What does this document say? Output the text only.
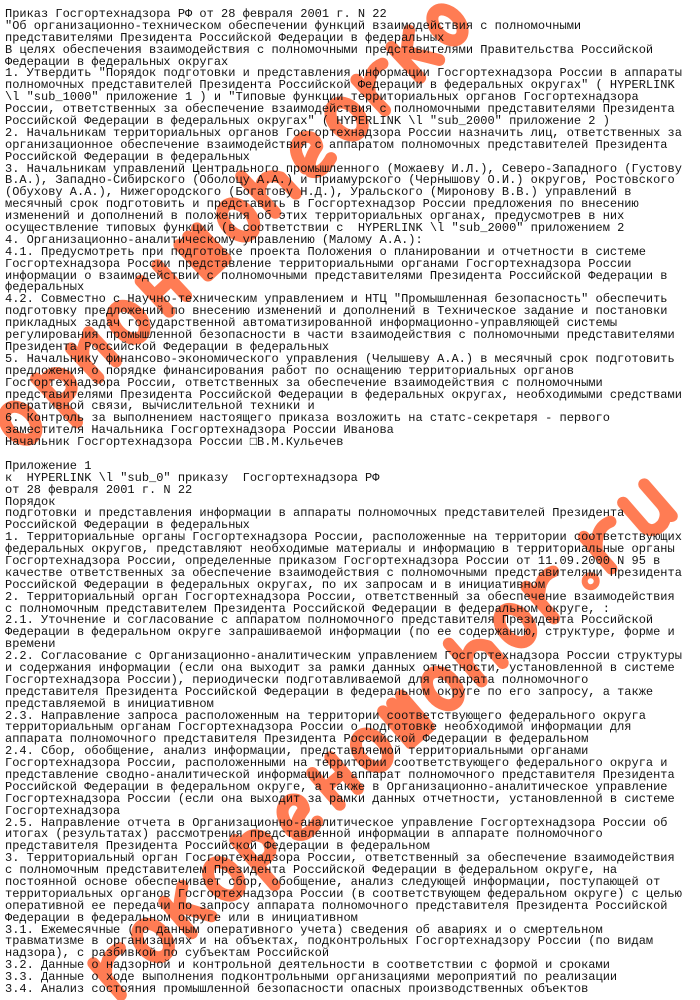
Приказ Госгортехнадзора РФ от 28 февраля 2001 г. N 22
"Об организационно-техническом обеспечении функций взаимодействия с полномочными
представителями Президента Российской Федерации в федеральных
В целях обеспечения взаимодействия с полномочными представителями Правительства Российской
Федерации в федеральных округах
1. Утвердить "Порядок подготовки и представления информации Госгортехнадзора России в аппараты
полномочных представителей Президента Российской Федерации в федеральных округах" ( HYPERLINK
\l "sub_1000" приложение 1 ) и "Типовые функции территориальных органов Госгортехнадзора
России, ответственных за обеспечение взаимодействия с полномочными представителями Президента
Российской Федерации в федеральных округах" ( HYPERLINK \l "sub_2000" приложение 2 )
2. Начальникам территориальных органов Госгортехнадзора России назначить лиц, ответственных за
организационное обеспечение взаимодействия с аппаратом полномочных представителей Президента
Российской Федерации в федеральных
3. Начальникам управлений Центрального промышленного (Можаеву И.Л.), Северо-Западного (Густову
В.А.), Западно-Сибирского (Оболоцу А.А.) и Приамурского (Чернышову О.И.) округов, Ростовского
(Обухову А.А.), Нижегородского (Богатову Н.Д.), Уральского (Миронову В.В.) управлений в
месячный срок подготовить и представить в Госгортехнадзор России предложения по внесению
изменений и дополнений в положения об этих территориальных органах, предусмотрев в них
осуществление типовых функций (в соответствии с  HYPERLINK \l "sub_2000" приложением 2
4. Организационно-аналитическому управлению (Малому А.А.):
4.1. Предусмотреть при подготовке проекта Положения о планировании и отчетности в системе
Госгортехнадзора России представление территориальными органами Госгортехнадзора России
информации о взаимодействии с полномочными представителями Президента Российской Федерации в
федеральных
4.2. Совместно с Научно-техническим управлением и НТЦ "Промышленная безопасность" обеспечить
подготовку предложений по внесению изменений и дополнений в Техническое задание и постановки
прикладных задач государственной автоматизированной информационно-управляющей системы
регулирования промышленной безопасности в части взаимодействия с полномочными представителями
Президента Российской Федерации в федеральных
5. Начальнику финансово-экономического управления (Челышеву А.А.) в месячный срок подготовить
предложения о порядке финансирования работ по оснащению территориальных органов
Госгортехнадзора России, ответственных за обеспечение взаимодействия с полномочными
представителями Президента Российской Федерации в федеральных округах, необходимыми средствами
оперативной связи, вычислительной техники и
6. Контроль за выполнением настоящего приказа возложить на статс-секретаря - первого
заместителя Начальника Госгортехнадзора России Иванова
Начальник Госгортехнадзора России □В.М.Кульечев
Приложение 1
к  HYPERLINK \l "sub_0" приказу  Госгортехнадзора РФ
от 28 февраля 2001 г. N 22
Порядок
подготовки и представления информации в аппараты полномочных представителей Президента
Российской Федерации в федеральных
1. Территориальные органы Госгортехнадзора России, расположенные на территории соответствующих
федеральных округов, представляют необходимые материалы и информацию в территориальные органы
Госгортехнадзора России, определенные приказом Госгортехнадзора России от 11.09.2000 N 95 в
качестве ответственных за обеспечение взаимодействия с полномочными представителями Президента
Российской Федерации в федеральных округах, по их запросам и в инициативном
2. Территориальный орган Госгортехнадзора России, ответственный за обеспечение взаимодействия
с полномочным представителем Президента Российской Федерации в федеральном округе, :
2.1. Уточнение и согласование с аппаратом полномочного представителя Президента Российской
Федерации в федеральном округе запрашиваемой информации (по ее содержанию, структуре, форме и
времени
2.2. Согласование с Организационно-аналитическим управлением Госгортехнадзора России структуры
и содержания информации (если она выходит за рамки данных отчетности, установленной в системе
Госгортехнадзора России), периодически подготавливаемой для аппарата полномочного
представителя Президента Российской Федерации в федеральном округе по его запросу, а также
представляемой в инициативном
2.3. Направление запроса расположенным на территории соответствующего федерального округа
территориальным органам Госгортехнадзора России о подготовке необходимой информации для
аппарата полномочного представителя Президента Российской Федерации в федеральном
2.4. Сбор, обобщение, анализ информации, представляемой территориальными органами
Госгортехнадзора России, расположенными на территории соответствующего федерального округа и
представление сводно-аналитической информации в аппарат полномочного представителя Президента
Российской Федерации в федеральном округе, а также в Организационно-аналитическое управление
Госгортехнадзора России (если она выходит за рамки данных отчетности, установленной в системе
Госгортехнадзора
2.5. Направление отчета в Организационно-аналитическое управление Госгортехнадзора России об
итогах (результатах) рассмотрения представленной информации в аппарате полномочного
представителя Президента Российской Федерации в федеральном
3. Территориальный орган Госгортехнадзора России, ответственный за обеспечение взаимодействия
с полномочным представителем Президента Российской Федерации в федеральном округе, на
постоянной основе обеспечивает сбор, обобщение, анализ следующей информации, поступающей от
территориальных органов Госгортехнадзора России (в соответствующем федеральном округе) с целью
оперативной ее передачи по запросу аппарата полномочного представителя Президента Российской
Федерации в федеральном округе или в инициативном
3.1. Ежемесячные (по данным оперативного учета) сведения об авариях и о смертельном
травматизме в организациях и на объектах, подконтрольных Госгортехнадзору России (по видам
надзора), с разбивкой по субъектам Российской
3.2. Данные о надзорной и контрольной деятельности в соответствии с формой и сроками
3.3. Данные о ходе выполнения подконтрольными организациями мероприятий по реализации
3.4. Анализ состояния промышленной безопасности опасных производственных объектов
